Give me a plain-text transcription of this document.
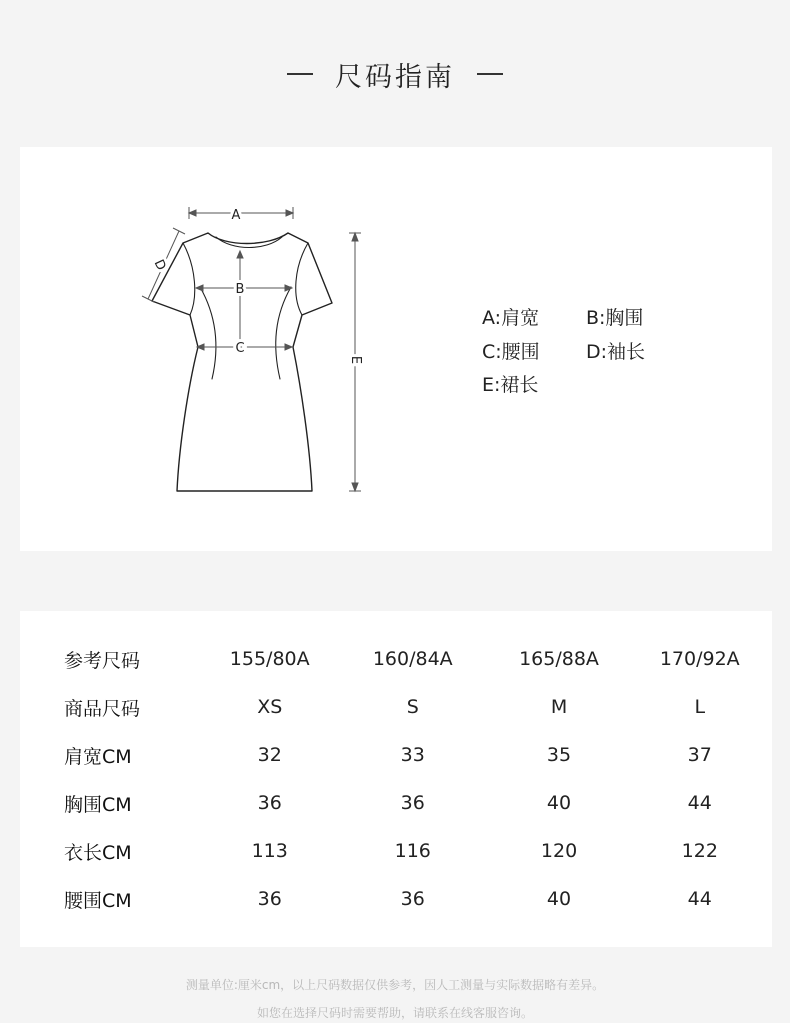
尺码指南
A
B
C
D
E
A:肩宽 B:胸围
C:腰围 D:袖长
E:裙长
参考尺码	155/80A	160/84A	165/88A	170/92A
商品尺码	XS	S	M	L
肩宽CM	32	33	35	37
胸围CM	36	36	40	44
衣长CM	113	116	120	122
腰围CM	36	36	40	44
测量单位:厘米cm，以上尺码数据仅供参考，因人工测量与实际数据略有差异。
如您在选择尺码时需要帮助，请联系在线客服咨询。
